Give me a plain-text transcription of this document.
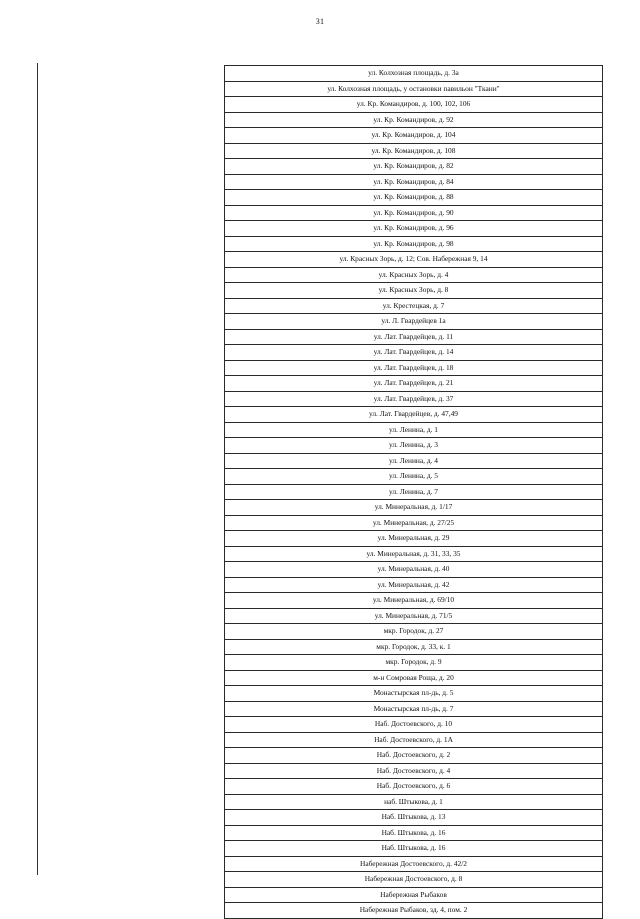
31
ул. Колхозная площадь, д. 3а
ул. Колхозная площадь, у остановки павильон "Ткани"
ул. Кр. Командиров, д. 100, 102, 106
ул. Кр. Командиров, д. 92
ул. Кр. Командиров, д. 104
ул. Кр. Командиров, д. 108
ул. Кр. Командиров, д. 82
ул. Кр. Командиров, д. 84
ул. Кр. Командиров, д. 88
ул. Кр. Командиров, д. 90
ул. Кр. Командиров, д. 96
ул. Кр. Командиров, д. 98
ул. Красных Зорь, д. 12; Сов. Набережная 9, 14
ул. Красных Зорь, д. 4
ул. Красных Зорь, д. 8
ул. Крестецкая, д. 7
ул. Л. Гвардейцев 1а
ул. Лат. Гвардейцев, д. 11
ул. Лат. Гвардейцев, д. 14
ул. Лат. Гвардейцев, д. 18
ул. Лат. Гвардейцев, д. 21
ул. Лат. Гвардейцев, д. 37
ул. Лат. Гвардейцев, д. 47,49
ул. Ленина, д. 1
ул. Ленина, д. 3
ул. Ленина, д. 4
ул. Ленина, д. 5
ул. Ленина, д. 7
ул. Минеральная, д. 1/17
ул. Минеральная, д. 27/25
ул. Минеральная, д. 29
ул. Минеральная, д. 31, 33, 35
ул. Минеральная, д. 40
ул. Минеральная, д. 42
ул. Минеральная, д. 69/10
ул. Минеральная, д. 71/5
мкр. Городок, д. 27
мкр. Городок, д. 33, к. 1
мкр. Городок, д. 9
м-н Сомровая Роща, д. 20
Монастырская пл-дь, д. 5
Монастырская пл-дь, д. 7
Наб. Достоевского, д. 10
Наб. Достоевского, д. 1А
Наб. Достоевского, д. 2
Наб. Достоевского, д. 4
Наб. Достоевского, д. 6
наб. Штыкова, д. 1
Наб. Штыкова, д. 13
Наб. Штыкова, д. 16
Наб. Штыкова, д. 16
Набережная Достоевского, д. 42/2
Набережная Достоевского, д. 8
Набережная Рыбаков
Набережная Рыбаков, зд. 4, пом. 2
